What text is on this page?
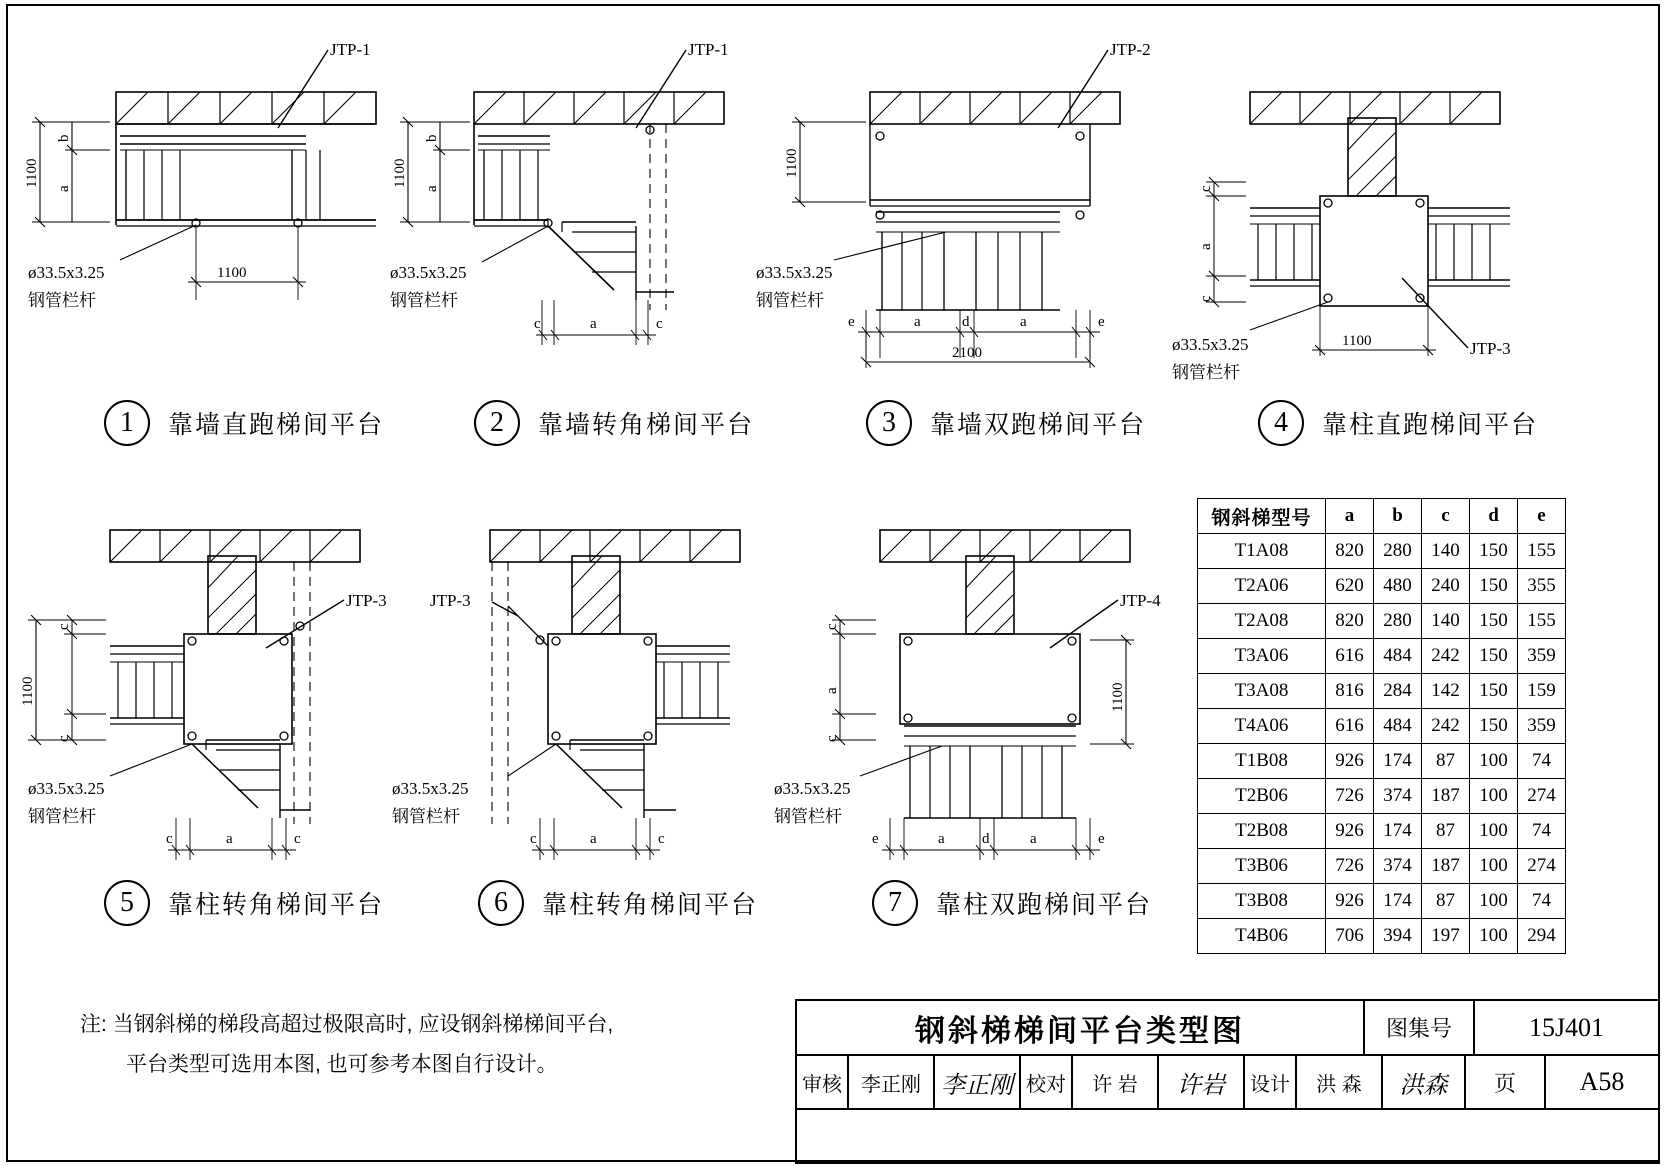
JTP-1
1100
b
a
ø33.5x3.25
钢管栏杆
1100
JTP-1
1100
b
a
ø33.5x3.25
钢管栏杆
c	a	c
JTP-2
1100
ø33.5x3.25
钢管栏杆
e	a	d	a	e
2100
c
a
c
ø33.5x3.25
钢管栏杆
1100	JTP-3
1	靠墙直跑梯间平台	2	靠墙转角梯间平台	3	靠墙双跑梯间平台	4	靠柱直跑梯间平台
JTP-3
1100
c
c
ø33.5x3.25
钢管栏杆
c	a	c
JTP-3
ø33.5x3.25
钢管栏杆
c	a	c
c
a
c
1100
JTP-4
ø33.5x3.25
钢管栏杆
e	a d	a	e
5	靠柱转角梯间平台	6	靠柱转角梯间平台	7	靠柱双跑梯间平台
钢斜梯型号	a	b	c	d	e
T1A08	820	280	140	150	155
T2A06	620	480	240	150	355
T2A08	820	280	140	150	155
T3A06	616	484	242	150	359
T3A08	816	284	142	150	159
T4A06	616	484	242	150	359
T1B08	926	174	87	100	74
T2B06	726	374	187	100	274
T2B08	926	174	87	100	74
T3B06	726	374	187	100	274
T3B08	926	174	87	100	74
T4B06	706	394	197	100	294
注: 当钢斜梯的梯段高超过极限高时, 应设钢斜梯梯间平台,
平台类型可选用本图, 也可参考本图自行设计。
钢斜梯梯间平台类型图	图集号	15J401
审核 李正刚 李正刚 校对	许 岩	许岩	设计	洪 森	洪森	页	A58
